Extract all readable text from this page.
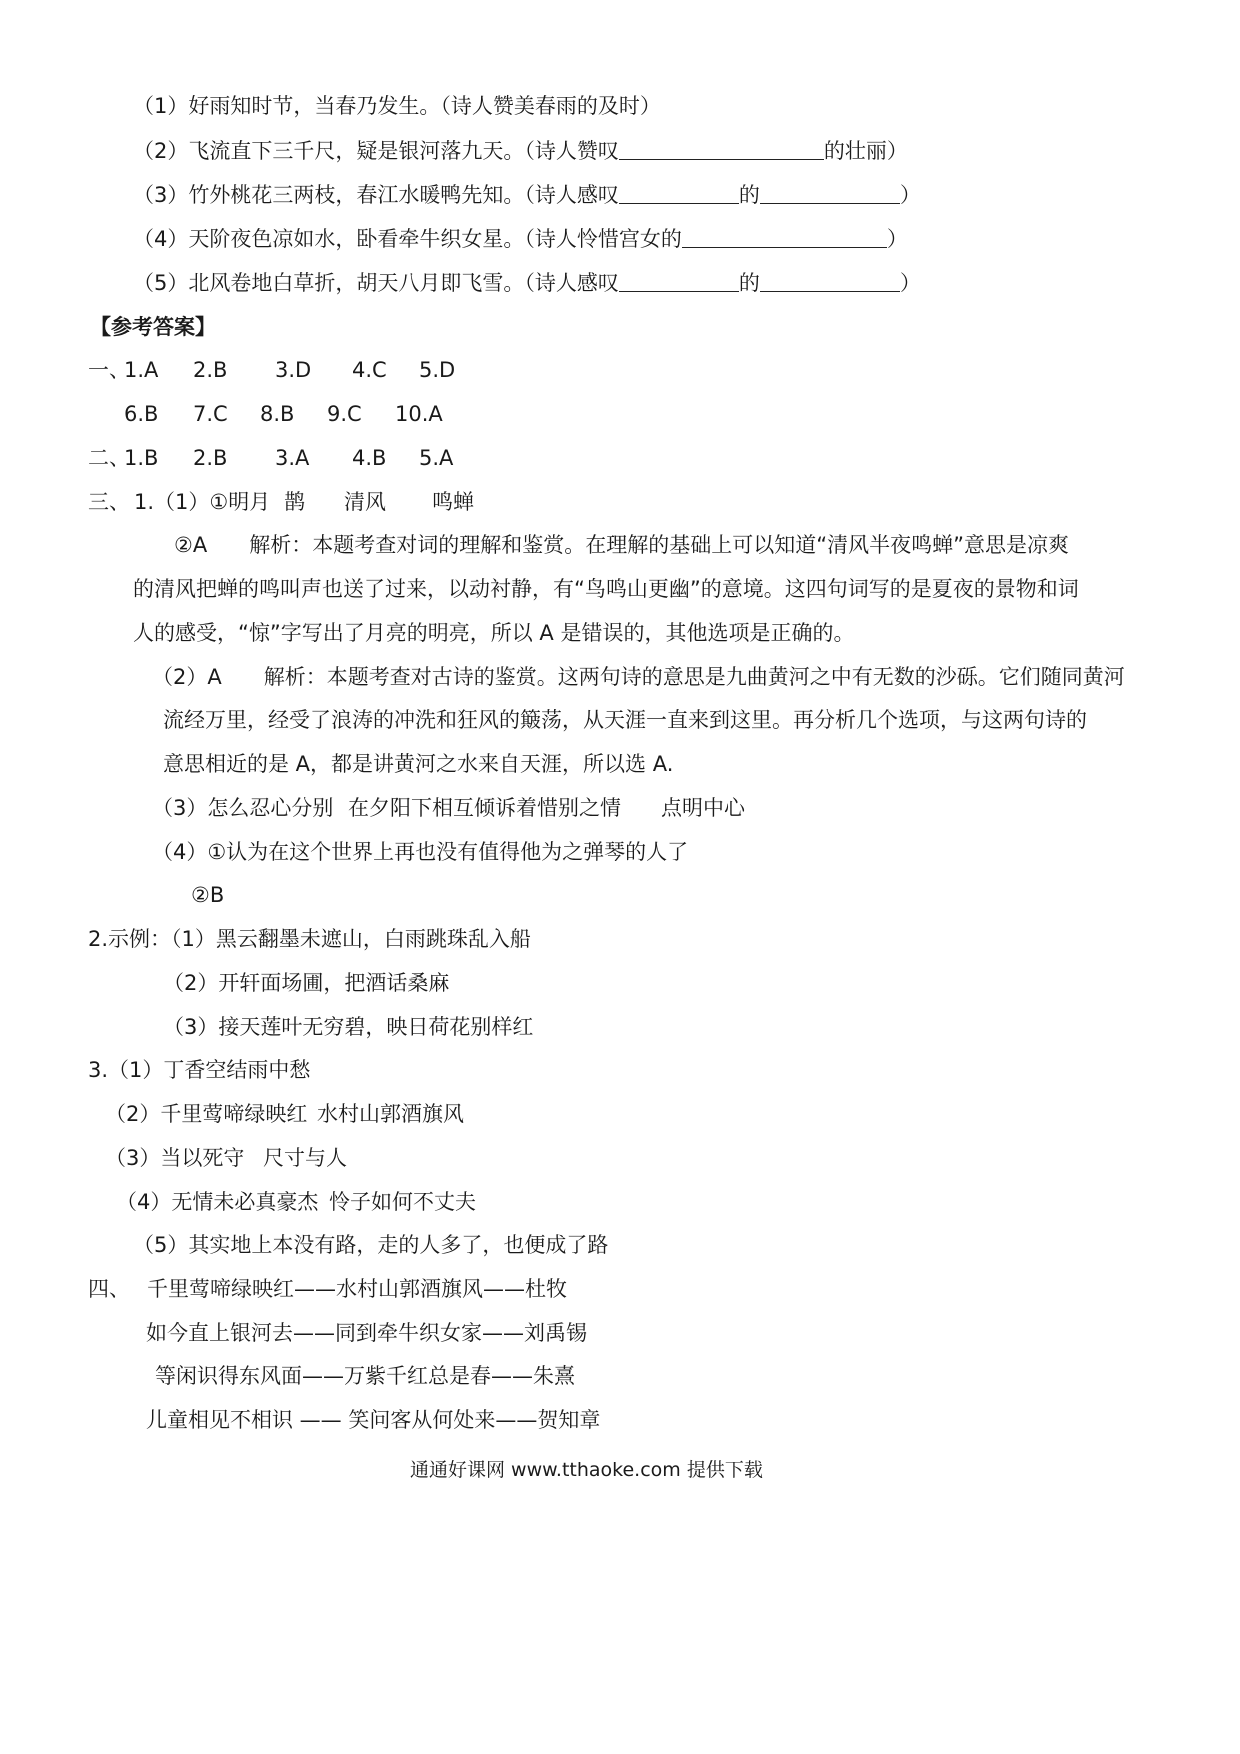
（1）好雨知时节，当春乃发生。（诗人赞美春雨的及时）
（2）飞流直下三千尺，疑是银河落九天。（诗人赞叹	的壮丽）
（3）竹外桃花三两枝，春江水暖鸭先知。（诗人感叹	的	）
（4）天阶夜色凉如水，卧看牵牛织女星。（诗人怜惜宫女的	）
（5）北风卷地白草折，胡天八月即飞雪。（诗人感叹	的	）
【参考答案】
一、1.A 2.B 3.D 4.C 5.D
6.B 7.C 8.B 9.C 10.A
二、1.B 2.B 3.A 4.B 5.A
三、 1.（1）①明月 鹊 清风 鸣蝉
②A　　解析：本题考查对词的理解和鉴赏。在理解的基础上可以知道“清风半夜鸣蝉”意思是凉爽
的清风把蝉的鸣叫声也送了过来，以动衬静，有“鸟鸣山更幽”的意境。这四句词写的是夏夜的景物和词
人的感受，“惊”字写出了月亮的明亮，所以 A 是错误的，其他选项是正确的。
（2）A　　解析：本题考查对古诗的鉴赏。这两句诗的意思是九曲黄河之中有无数的沙砾。它们随同黄河
流经万里，经受了浪涛的冲洗和狂风的簸荡，从天涯一直来到这里。再分析几个选项，与这两句诗的
意思相近的是 A，都是讲黄河之水来自天涯，所以选 A.
（3）怎么忍心分别 在夕阳下相互倾诉着惜别之情 点明中心
（4）①认为在这个世界上再也没有值得他为之弹琴的人了
②B
2.示例：（1）黑云翻墨未遮山，白雨跳珠乱入船
（2）开轩面场圃，把酒话桑麻
（3）接天莲叶无穷碧，映日荷花别样红
3.（1）丁香空结雨中愁
（2）千里莺啼绿映红 水村山郭酒旗风
（3）当以死守 尺寸与人
（4）无情未必真豪杰 怜子如何不丈夫
（5）其实地上本没有路，走的人多了，也便成了路
四、 千里莺啼绿映红——水村山郭酒旗风——杜牧
如今直上银河去——同到牵牛织女家——刘禹锡
等闲识得东风面——万紫千红总是春——朱熹
儿童相见不相识 —— 笑问客从何处来——贺知章
通通好课网 www.tthaoke.com 提供下载
